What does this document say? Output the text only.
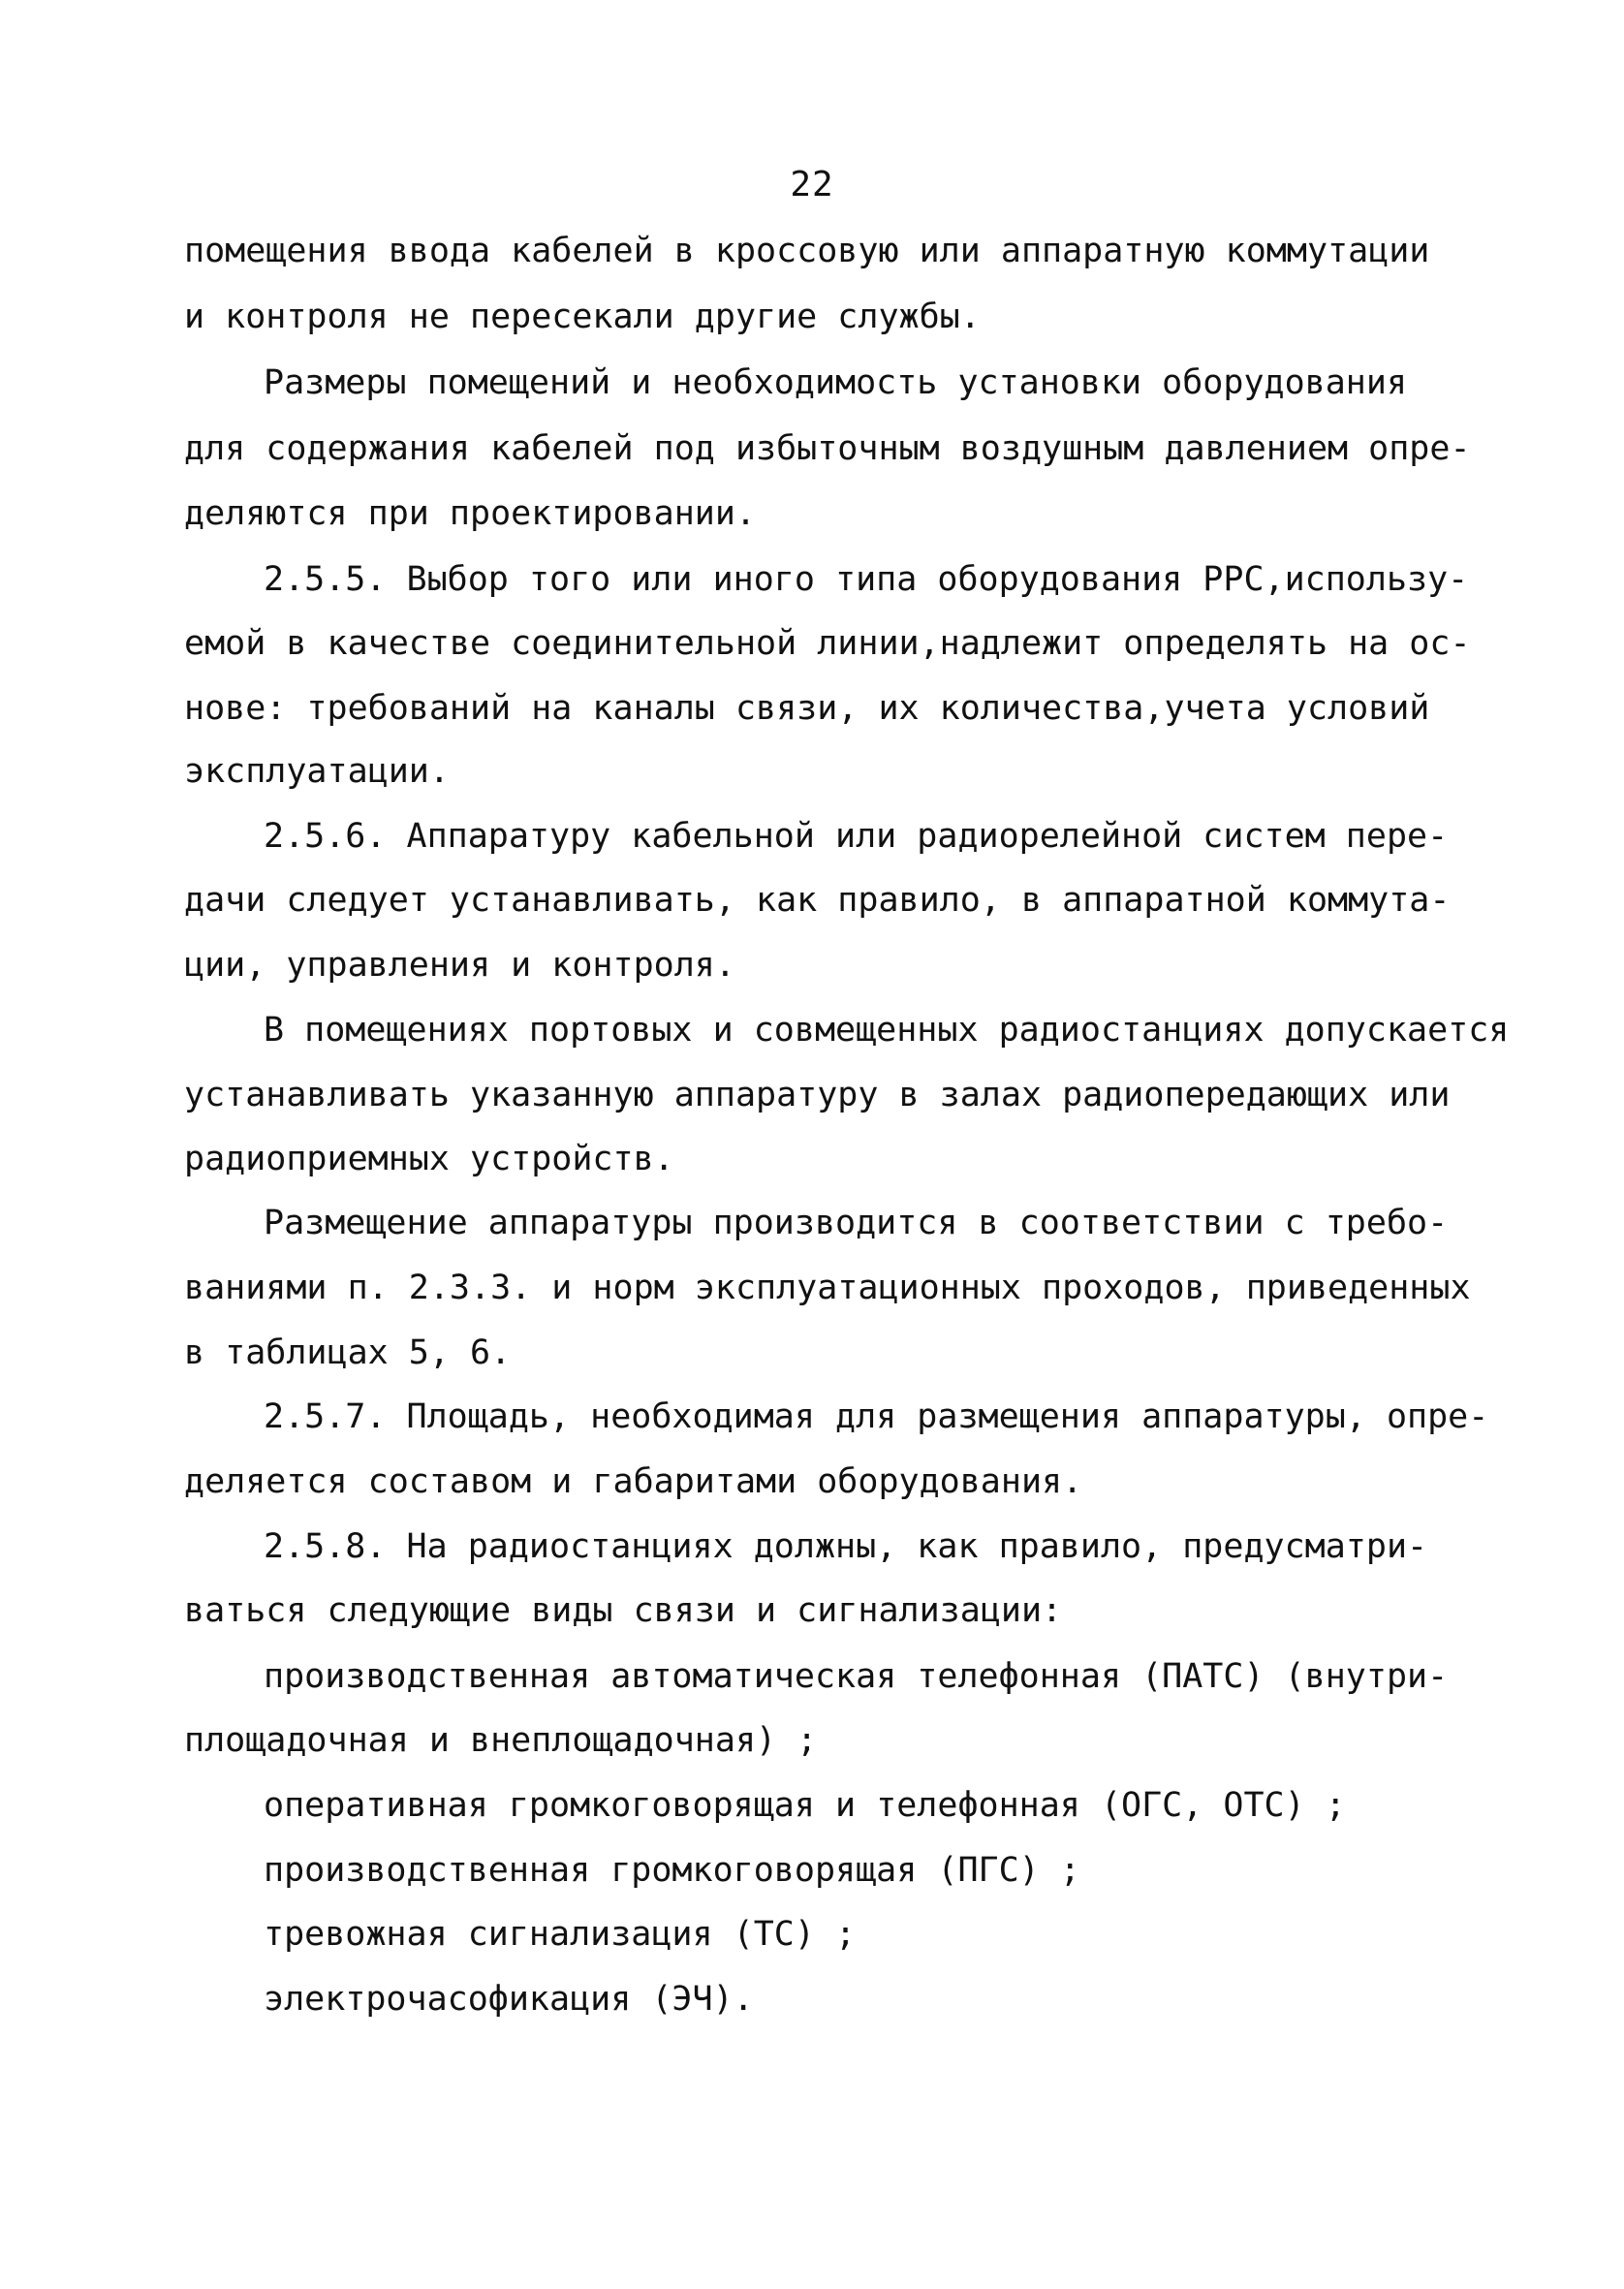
22
помещения ввода кабелей в кроссовую или аппаратную коммутации
и контроля не пересекали другие службы.
Размеры помещений и необходимость установки оборудования
для содержания кабелей под избыточным воздушным давлением опре-
деляются при проектировании.
2.5.5. Выбор того или иного типа оборудования РРС,использу-
емой в качестве соединительной линии,надлежит определять на ос-
нове: требований на каналы связи, их количества,учета условий
эксплуатации.
2.5.6. Аппаратуру кабельной или радиорелейной систем пере-
дачи следует устанавливать, как правило, в аппаратной коммута-
ции, управления и контроля.
В помещениях портовых и совмещенных радиостанциях допускается
устанавливать указанную аппаратуру в залах радиопередающих или
радиоприемных устройств.
Размещение аппаратуры производится в соответствии с требо-
ваниями п. 2.3.3. и норм эксплуатационных проходов, приведенных
в таблицах 5, 6.
2.5.7. Площадь, необходимая для размещения аппаратуры, опре-
деляется составом и габаритами оборудования.
2.5.8. На радиостанциях должны, как правило, предусматри-
ваться следующие виды связи и сигнализации:
производственная автоматическая телефонная (ПАТС) (внутри-
площадочная и внеплощадочная) ;
оперативная громкоговорящая и телефонная (ОГС, ОТС) ;
производственная громкоговорящая (ПГС) ;
тревожная сигнализация (ТС) ;
электрочасофикация (ЭЧ).
